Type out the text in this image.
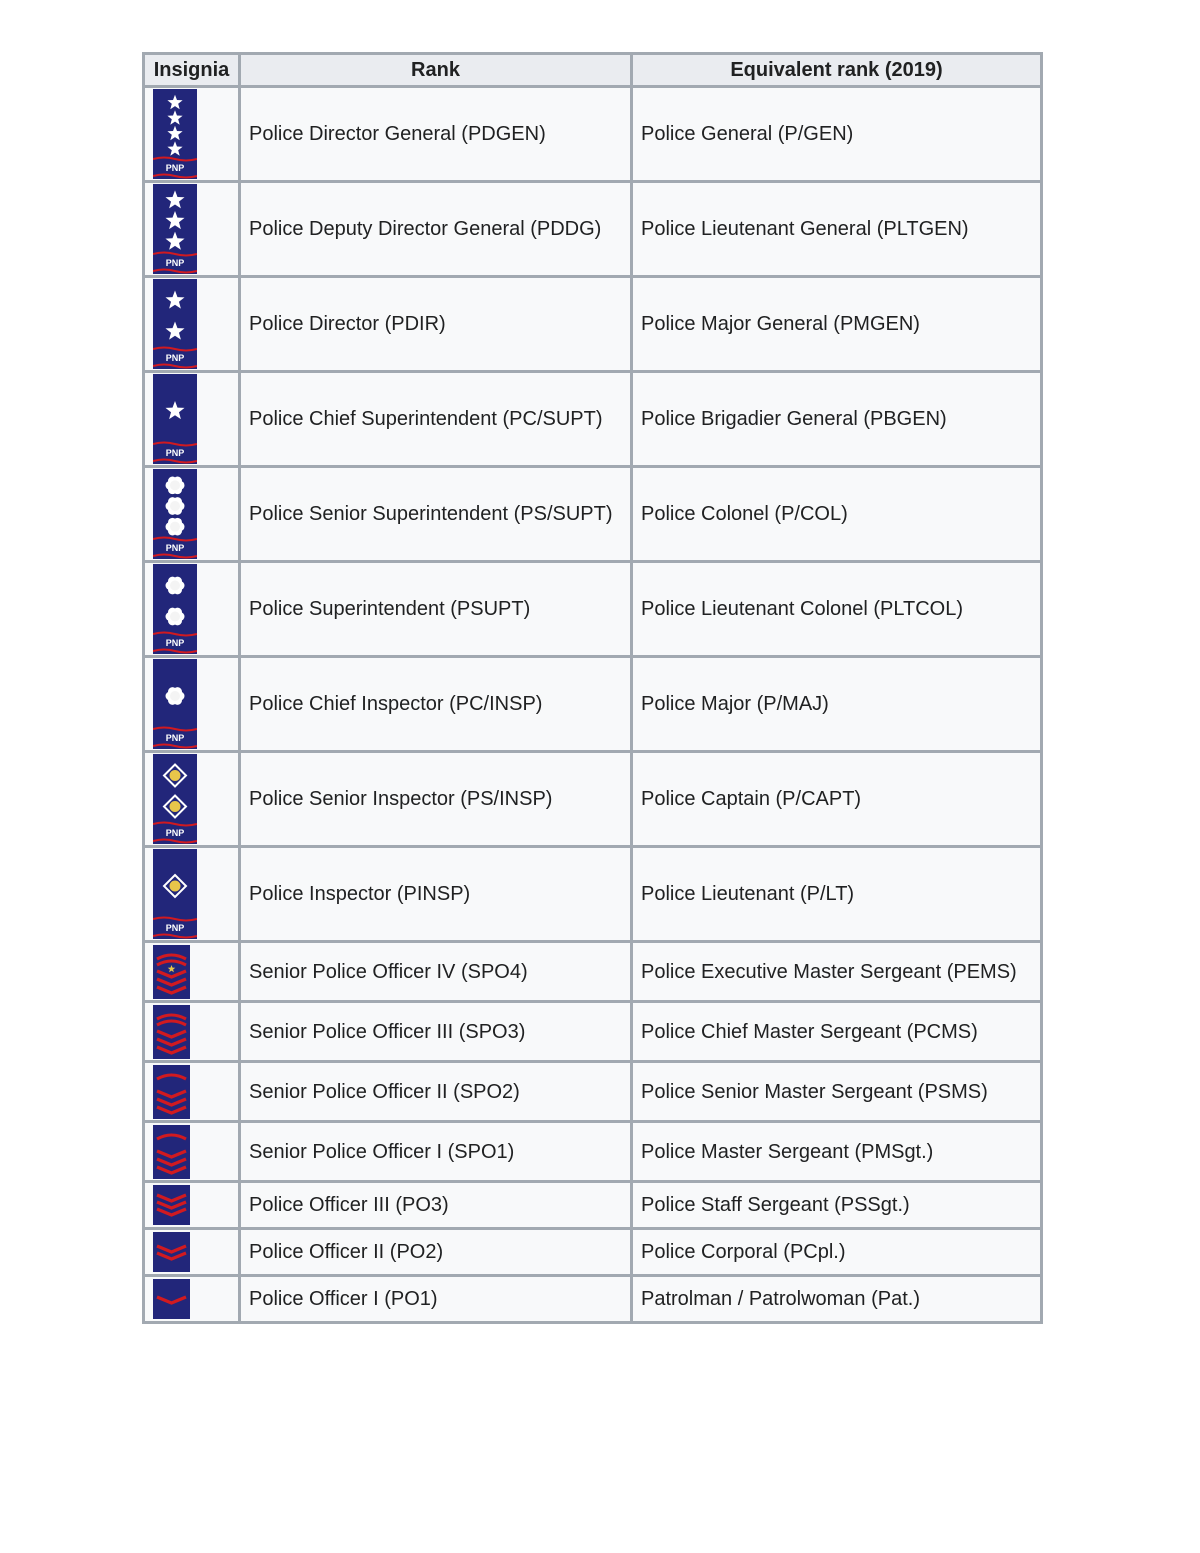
Insignia	Rank	Equivalent rank (2019)

PNP	Police Director General (PDGEN)	Police General (P/GEN)

PNP	Police Deputy Director General (PDDG)	Police Lieutenant General (PLTGEN)

PNP	Police Director (PDIR)	Police Major General (PMGEN)

PNP	Police Chief Superintendent (PC/SUPT)	Police Brigadier General (PBGEN)

PNP	Police Senior Superintendent (PS/SUPT)	Police Colonel (P/COL)

PNP	Police Superintendent (PSUPT)	Police Lieutenant Colonel (PLTCOL)

PNP	Police Chief Inspector (PC/INSP)	Police Major (P/MAJ)

PNP	Police Senior Inspector (PS/INSP)	Police Captain (P/CAPT)

PNP	Police Inspector (PINSP)	Police Lieutenant (P/LT)

	Senior Police Officer IV (SPO4)	Police Executive Master Sergeant (PEMS)

	Senior Police Officer III (SPO3)	Police Chief Master Sergeant (PCMS)

	Senior Police Officer II (SPO2)	Police Senior Master Sergeant (PSMS)

	Senior Police Officer I (SPO1)	Police Master Sergeant (PMSgt.)

	Police Officer III (PO3)	Police Staff Sergeant (PSSgt.)

	Police Officer II (PO2)	Police Corporal (PCpl.)

	Police Officer I (PO1)	Patrolman / Patrolwoman (Pat.)
